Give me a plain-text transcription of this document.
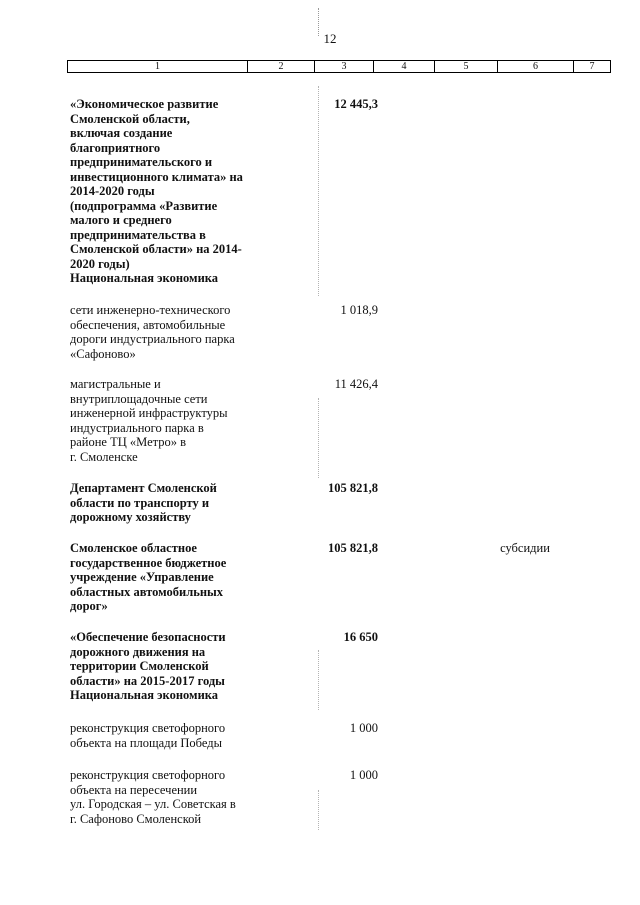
12
1	2	3	4	5	6	7
«Экономическое развитие
Смоленской области,
включая создание
благоприятного
предпринимательского и
инвестиционного климата» на
2014-2020 годы
(подпрограмма «Развитие
малого и среднего
предпринимательства в
Смоленской области» на 2014-
2020 годы)
Национальная экономика
12 445,3
сети инженерно-технического
обеспечения, автомобильные
дороги индустриального парка
«Сафоново»
1 018,9
магистральные и
внутриплощадочные сети
инженерной инфраструктуры
индустриального парка в
районе ТЦ «Метро» в
г. Смоленске
11 426,4
Департамент Смоленской
области по транспорту и
дорожному хозяйству
105 821,8
Смоленское областное
государственное бюджетное
учреждение «Управление
областных автомобильных
дорог»
105 821,8	субсидии
«Обеспечение безопасности
дорожного движения на
территории Смоленской
области» на 2015-2017 годы
Национальная экономика
16 650
реконструкция светофорного
объекта на площади Победы
1 000
реконструкция светофорного
объекта на пересечении
ул. Городская – ул. Советская в
г. Сафоново Смоленской
1 000
